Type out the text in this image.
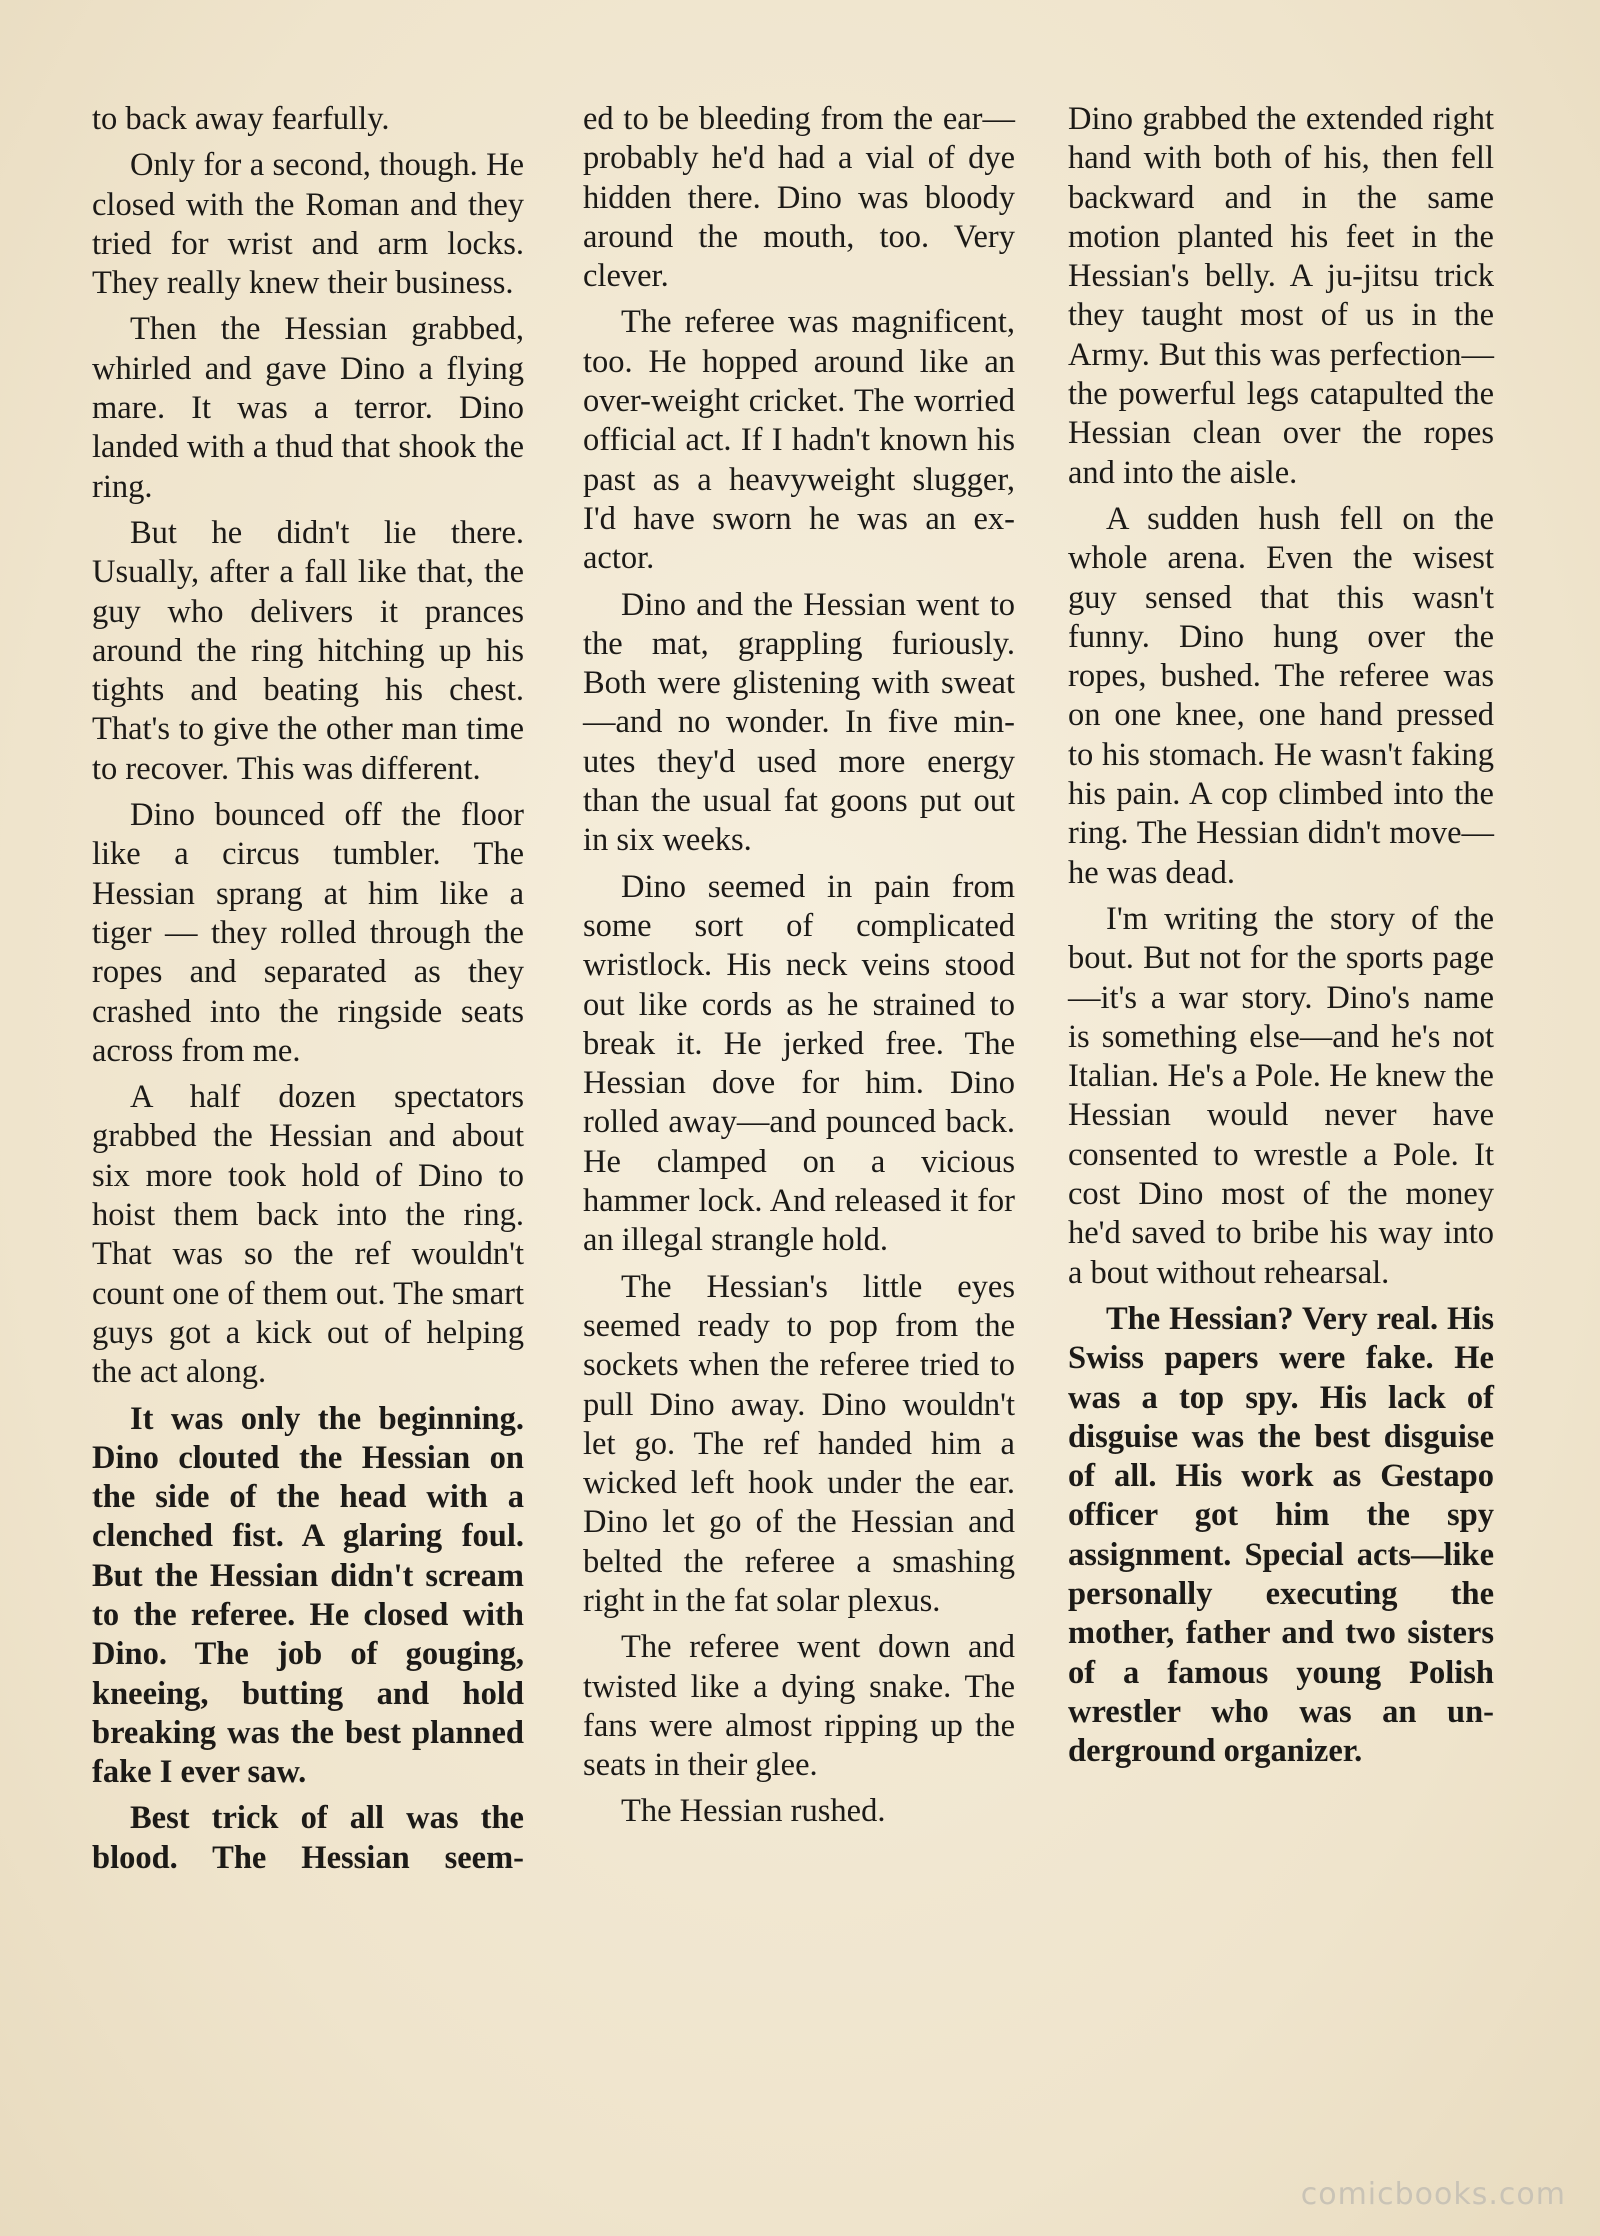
to back away fearfully.

Only for a second, though. He closed with the Roman and they tried for wrist and arm locks. They really knew their business.

Then the Hessian grabbed, whirled and gave Dino a flying mare. It was a terror. Dino landed with a thud that shook the ring.

But he didn't lie there. Usually, after a fall like that, the guy who delivers it prances around the ring hitching up his tights and beating his chest. That's to give the other man time to recover. This was different.

Dino bounced off the floor like a circus tumbler. The Hessian sprang at him like a tiger — they rolled through the ropes and separated as they crashed into the ringside seats across from me.

A half dozen spectators grabbed the Hessian and about six more took hold of Dino to hoist them back into the ring. That was so the ref wouldn't count one of them out. The smart guys got a kick out of helping the act along.

It was only the beginning. Dino clouted the Hessian on the side of the head with a clenched fist. A glaring foul. But the Hessian didn't scream to the referee. He closed with Dino. The job of gouging, kneeing, butting and hold breaking was the best planned fake I ever saw.

Best trick of all was the blood. The Hessian seem-

ed to be bleeding from the ear—probably he'd had a vial of dye hidden there. Dino was bloody around the mouth, too. Very clever.

The referee was magnificent, too. He hopped around like an over-weight cricket. The worried official act. If I hadn't known his past as a heavyweight slugger, I'd have sworn he was an ex-actor.

Dino and the Hessian went to the mat, grappling furiously. Both were glistening with sweat—and no wonder. In five minutes they'd used more energy than the usual fat goons put out in six weeks.

Dino seemed in pain from some sort of complicated wristlock. His neck veins stood out like cords as he strained to break it. He jerked free. The Hessian dove for him. Dino rolled away—and pounced back. He clamped on a vicious hammer lock. And released it for an illegal strangle hold.

The Hessian's little eyes seemed ready to pop from the sockets when the referee tried to pull Dino away. Dino wouldn't let go. The ref handed him a wicked left hook under the ear. Dino let go of the Hessian and belted the referee a smashing right in the fat solar plexus.

The referee went down and twisted like a dying snake. The fans were almost ripping up the seats in their glee.

The Hessian rushed.

Dino grabbed the extended right hand with both of his, then fell backward and in the same motion planted his feet in the Hessian's belly. A ju-jitsu trick they taught most of us in the Army. But this was perfection—the powerful legs catapulted the Hessian clean over the ropes and into the aisle.

A sudden hush fell on the whole arena. Even the wisest guy sensed that this wasn't funny. Dino hung over the ropes, bushed. The referee was on one knee, one hand pressed to his stomach. He wasn't faking his pain. A cop climbed into the ring. The Hessian didn't move—he was dead.

I'm writing the story of the bout. But not for the sports page—it's a war story. Dino's name is something else—and he's not Italian. He's a Pole. He knew the Hessian would never have consented to wrestle a Pole. It cost Dino most of the money he'd saved to bribe his way into a bout without rehearsal.

The Hessian? Very real. His Swiss papers were fake. He was a top spy. His lack of disguise was the best disguise of all. His work as Gestapo officer got him the spy assignment. Special acts—like personally executing the mother, father and two sisters of a famous young Polish wrestler who was an underground organizer.

comicbooks.com
